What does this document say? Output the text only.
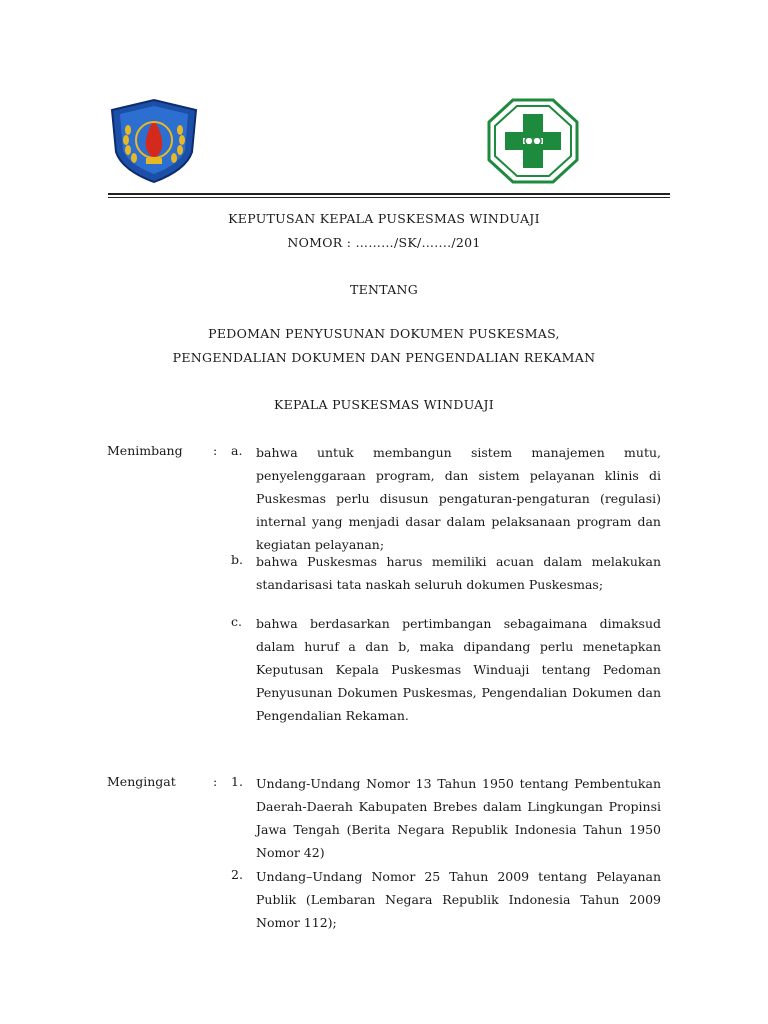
KEPUTUSAN KEPALA PUSKESMAS WINDUAJI
NOMOR : ………/SK/…..../201
TENTANG
PEDOMAN PENYUSUNAN DOKUMEN PUSKESMAS,
PENGENDALIAN DOKUMEN DAN PENGENDALIAN REKAMAN
KEPALA PUSKESMAS WINDUAJI
Menimbang : a. bahwa untuk membangun sistem manajemen mutu, penyelenggaraan program, dan sistem pelayanan klinis di Puskesmas perlu disusun pengaturan-pengaturan (regulasi) internal yang menjadi dasar dalam pelaksanaan program dan kegiatan pelayanan;
b. bahwa Puskesmas harus memiliki acuan dalam melakukan standarisasi tata naskah seluruh dokumen Puskesmas;
c. bahwa berdasarkan pertimbangan sebagaimana dimaksud dalam huruf a dan b, maka dipandang perlu menetapkan Keputusan Kepala Puskesmas Winduaji tentang Pedoman Penyusunan Dokumen Puskesmas, Pengendalian Dokumen dan Pengendalian Rekaman.
Mengingat	: 1. Undang-Undang Nomor 13 Tahun 1950 tentang Pembentukan Daerah-Daerah Kabupaten Brebes dalam Lingkungan Propinsi Jawa Tengah (Berita Negara Republik Indonesia Tahun 1950 Nomor 42)
2. Undang–Undang Nomor 25 Tahun 2009 tentang Pelayanan Publik (Lembaran Negara Republik Indonesia Tahun 2009 Nomor 112);
